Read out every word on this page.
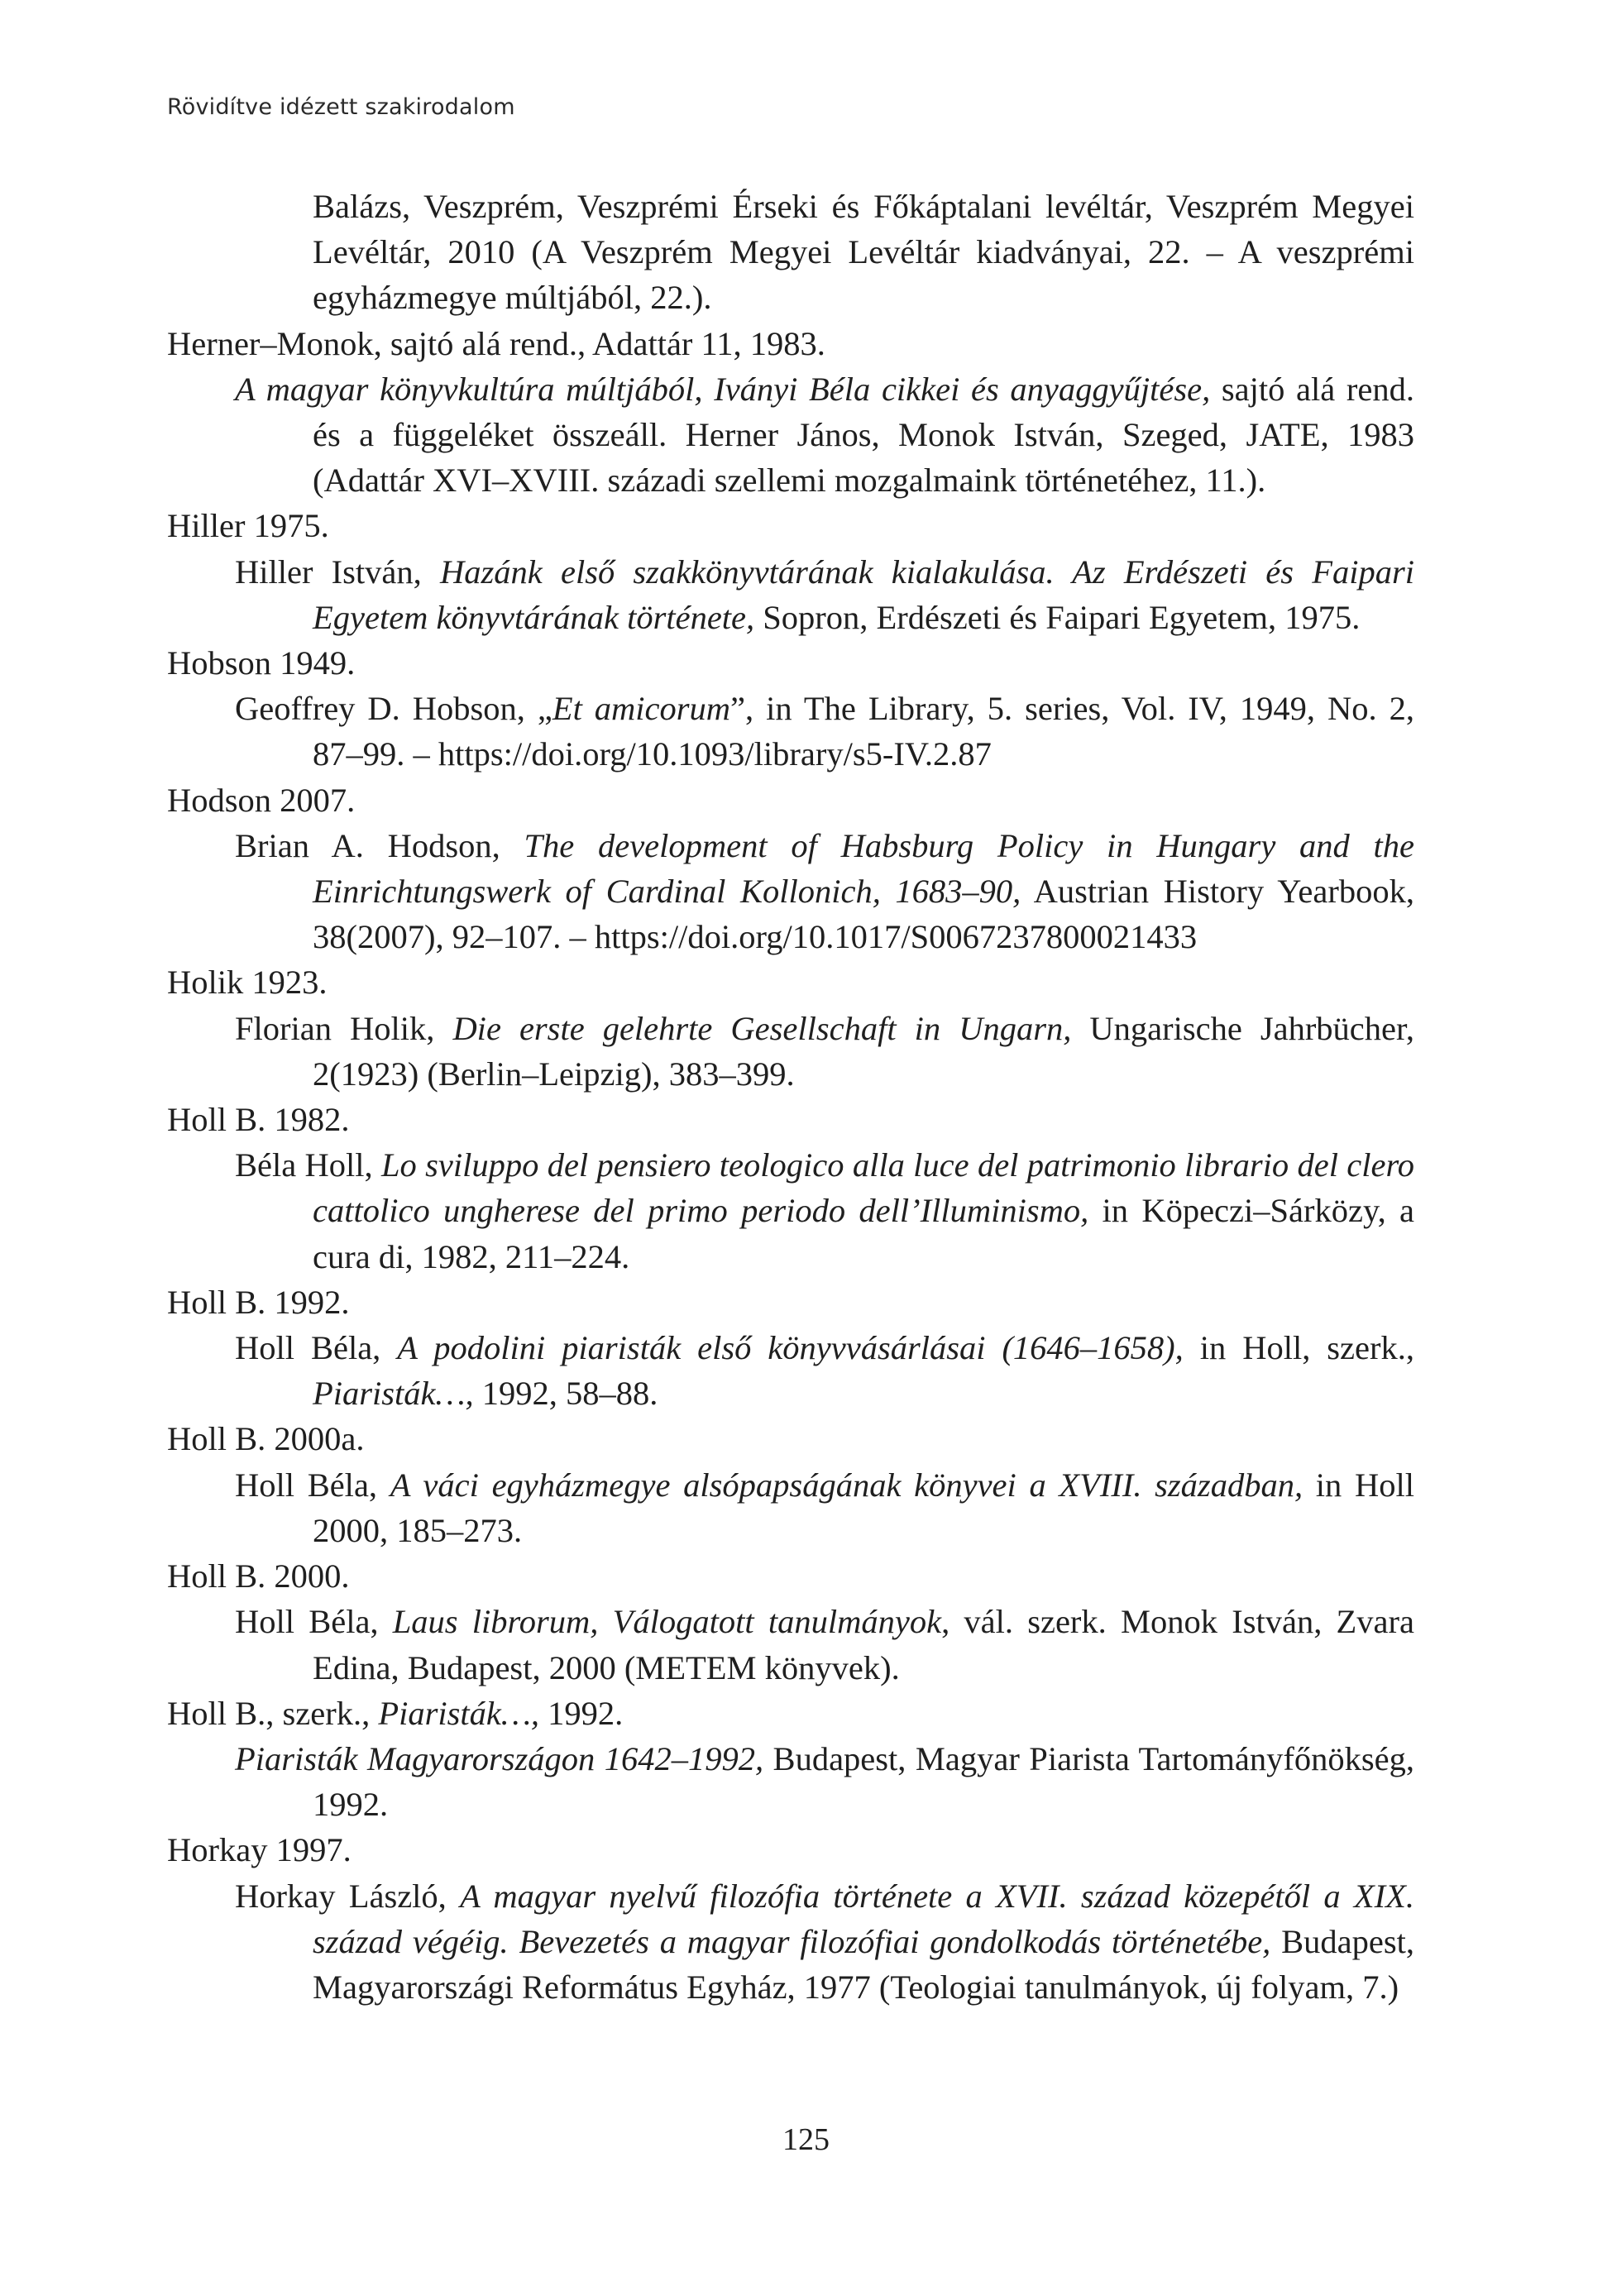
Rövidítve idézett szakirodalom

Balázs, Veszprém, Veszprémi Érseki és Főkáptalani levéltár, Veszprém Megyei Levéltár, 2010 (A Veszprém Megyei Levéltár kiadványai, 22. – A veszprémi egyházmegye múltjából, 22.).

Herner–Monok, sajtó alá rend., Adattár 11, 1983.

A magyar könyvkultúra múltjából, Iványi Béla cikkei és anyaggyűjtése, sajtó alá rend. és a függeléket összeáll. Herner János, Monok István, Szeged, JATE, 1983 (Adattár XVI–XVIII. századi szellemi mozgalmaink történetéhez, 11.).

Hiller 1975.

Hiller István, Hazánk első szakkönyvtárának kialakulása. Az Erdészeti és Faipari Egyetem könyvtárának története, Sopron, Erdészeti és Faipari Egyetem, 1975.

Hobson 1949.

Geoffrey D. Hobson, „Et amicorum”, in The Library, 5. series, Vol. IV, 1949, No. 2, 87–99. – https://doi.org/10.1093/library/s5-IV.2.87

Hodson 2007.

Brian A. Hodson, The development of Habsburg Policy in Hungary and the Einrichtungswerk of Cardinal Kollonich, 1683–90, Austrian History Yearbook, 38(2007), 92–107. – https://doi.org/10.1017/S0067237800021433

Holik 1923.

Florian Holik, Die erste gelehrte Gesellschaft in Ungarn, Ungarische Jahrbücher, 2(1923) (Berlin–Leipzig), 383–399.

Holl B. 1982.

Béla Holl, Lo sviluppo del pensiero teologico alla luce del patrimonio librario del clero cattolico ungherese del primo periodo dell’Illuminismo, in Köpeczi–Sárközy, a cura di, 1982, 211–224.

Holl B. 1992.

Holl Béla, A podolini piaristák első könyvvásárlásai (1646–1658), in Holl, szerk., Piaristák…, 1992, 58–88.

Holl B. 2000a.

Holl Béla, A váci egyházmegye alsópapságának könyvei a XVIII. században, in Holl 2000, 185–273.

Holl B. 2000.

Holl Béla, Laus librorum, Válogatott tanulmányok, vál. szerk. Monok István, Zvara Edina, Budapest, 2000 (METEM könyvek).

Holl B., szerk., Piaristák…, 1992.

Piaristák Magyarországon 1642–1992, Budapest, Magyar Piarista Tartományfőnökség, 1992.

Horkay 1997.

Horkay László, A magyar nyelvű filozófia története a XVII. század közepétől a XIX. század végéig. Bevezetés a magyar filozófiai gondolkodás történetébe, Budapest, Magyarországi Református Egyház, 1977 (Teologiai tanulmányok, új folyam, 7.)

125
